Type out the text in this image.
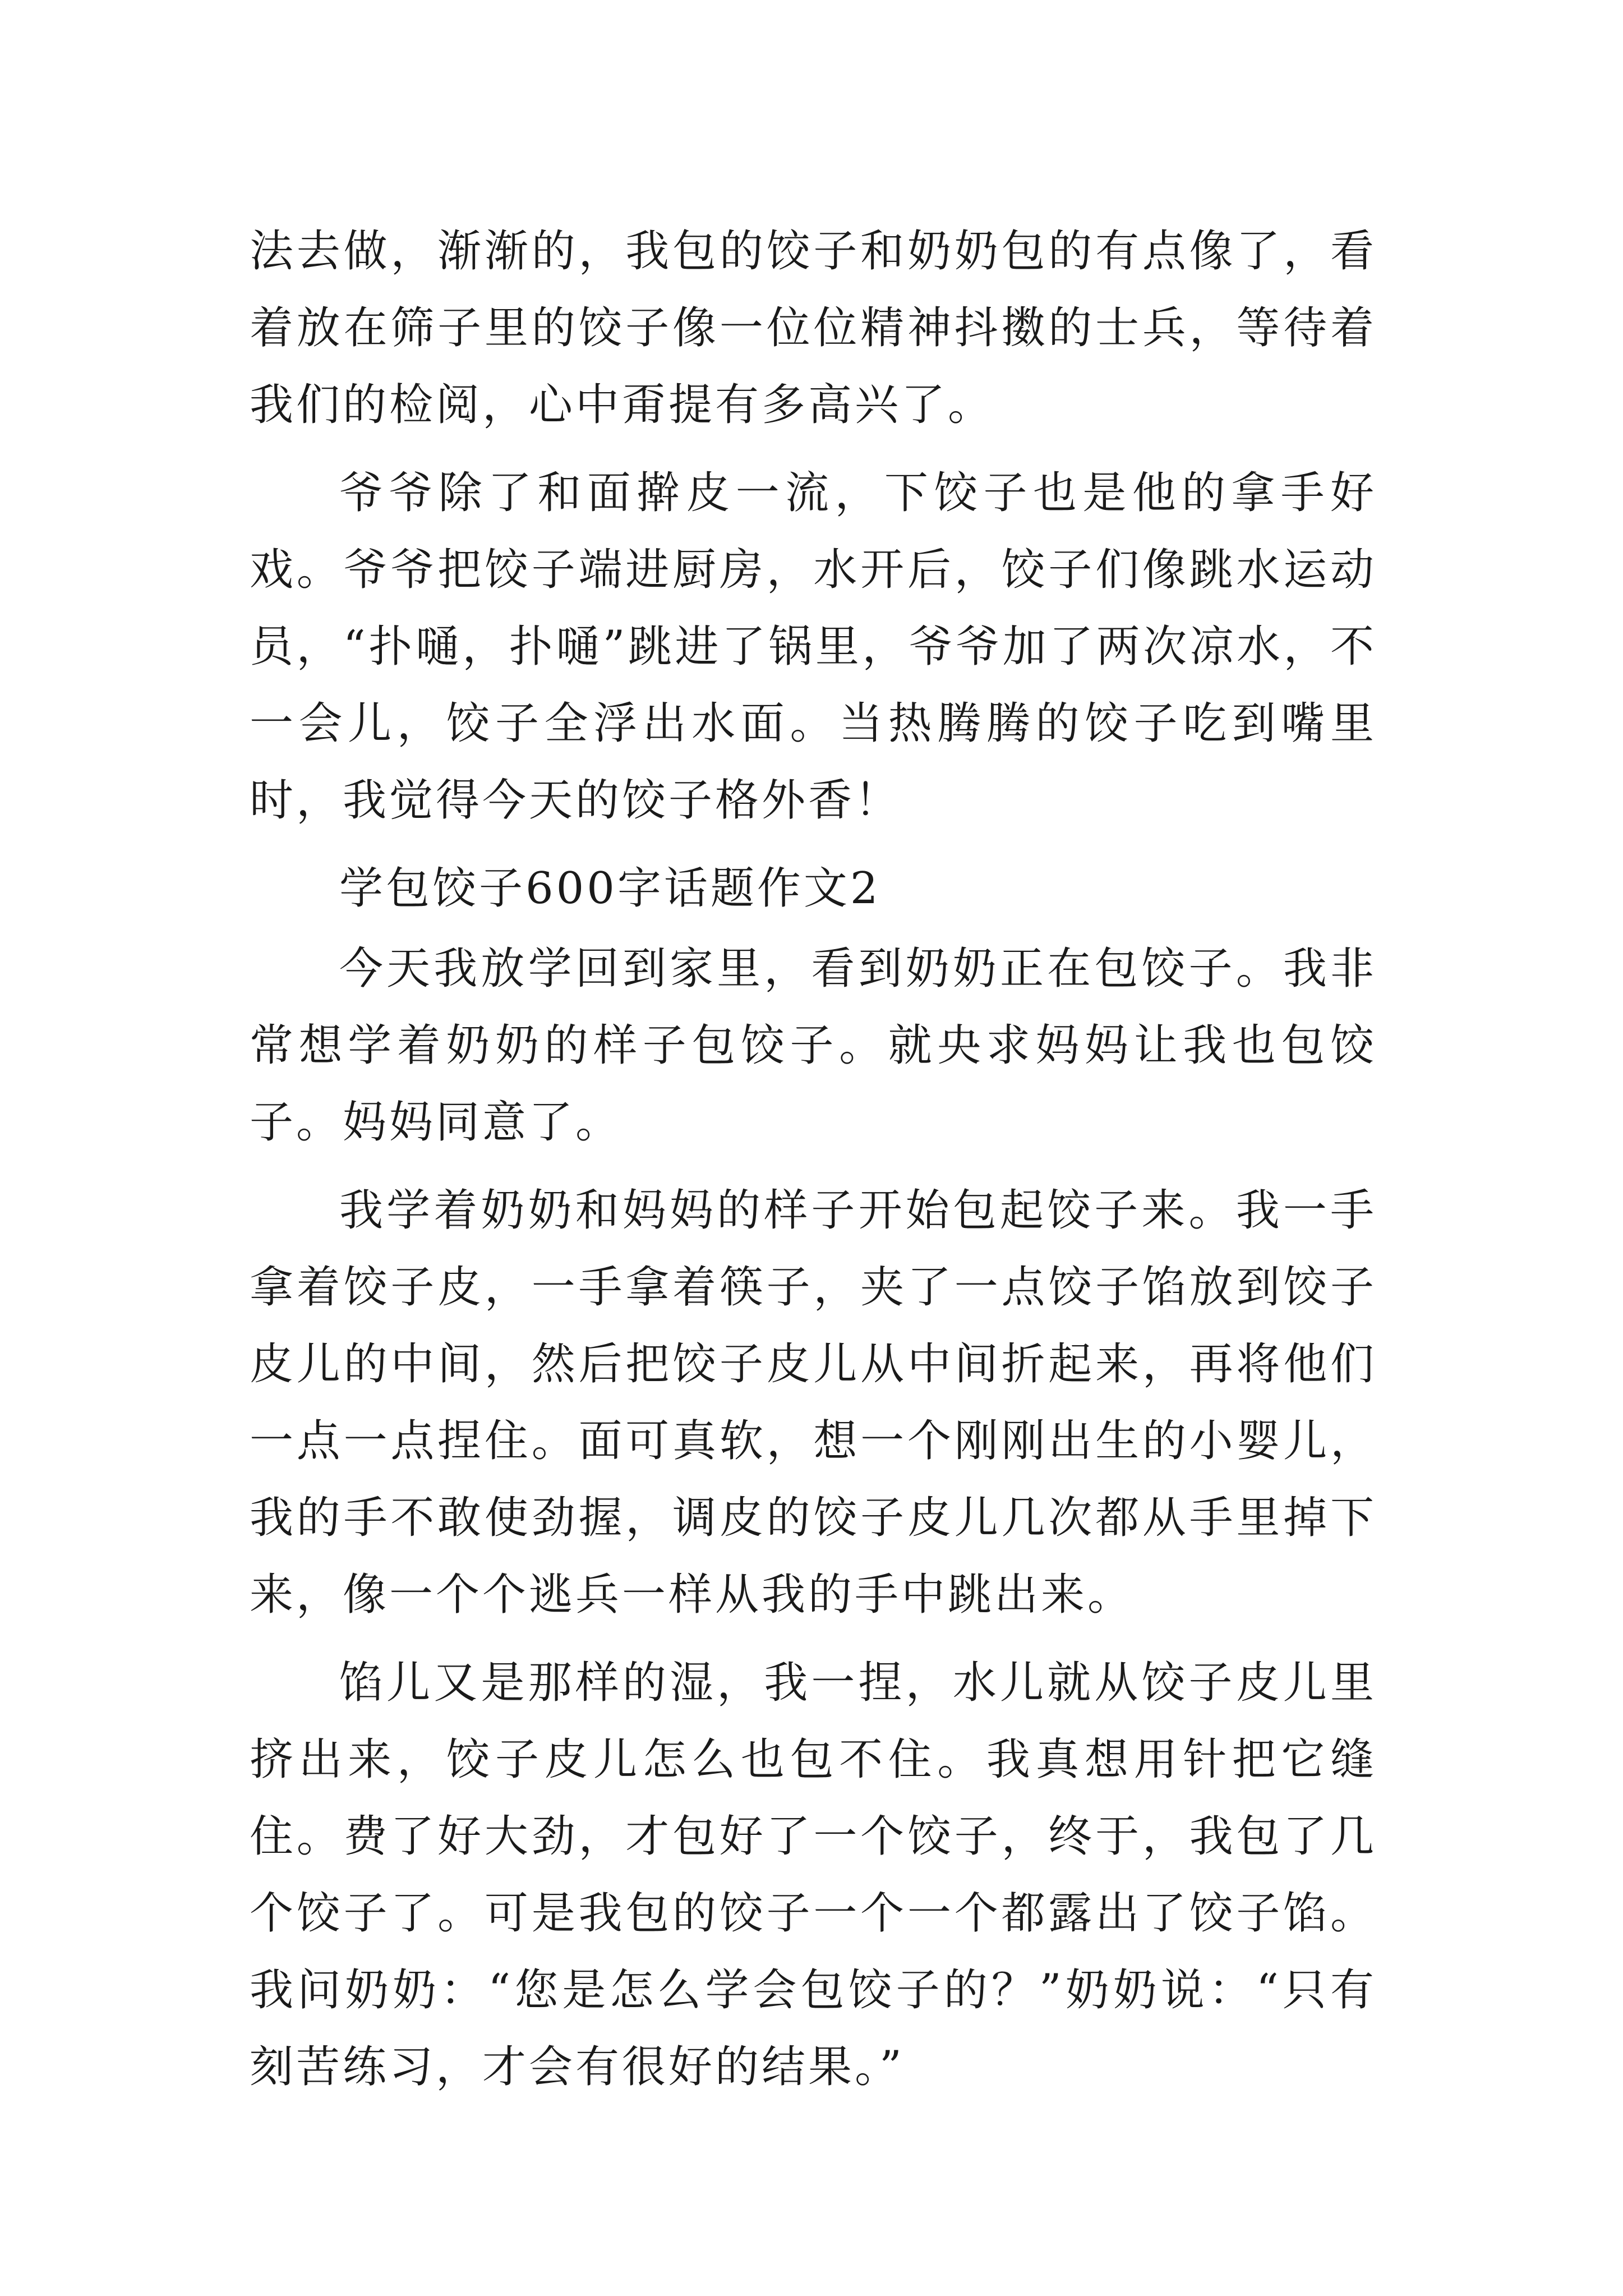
法去做，渐渐的，我包的饺子和奶奶包的有点像了，看着放在筛子里的饺子像一位位精神抖擞的士兵，等待着我们的检阅，心中甭提有多高兴了。

爷爷除了和面擀皮一流，下饺子也是他的拿手好戏。爷爷把饺子端进厨房，水开后，饺子们像跳水运动员，“扑嗵，扑嗵”跳进了锅里，爷爷加了两次凉水，不一会儿，饺子全浮出水面。当热腾腾的饺子吃到嘴里时，我觉得今天的饺子格外香！

学包饺子600字话题作文2

今天我放学回到家里，看到奶奶正在包饺子。我非常想学着奶奶的样子包饺子。就央求妈妈让我也包饺子。妈妈同意了。

我学着奶奶和妈妈的样子开始包起饺子来。我一手拿着饺子皮，一手拿着筷子，夹了一点饺子馅放到饺子皮儿的中间，然后把饺子皮儿从中间折起来，再将他们一点一点捏住。面可真软，想一个刚刚出生的小婴儿，我的手不敢使劲握，调皮的饺子皮儿几次都从手里掉下来，像一个个逃兵一样从我的手中跳出来。

馅儿又是那样的湿，我一捏，水儿就从饺子皮儿里挤出来，饺子皮儿怎么也包不住。我真想用针把它缝住。费了好大劲，才包好了一个饺子，终于，我包了几个饺子了。可是我包的饺子一个一个都露出了饺子馅。我问奶奶：“您是怎么学会包饺子的？”奶奶说：“只有刻苦练习，才会有很好的结果。”
